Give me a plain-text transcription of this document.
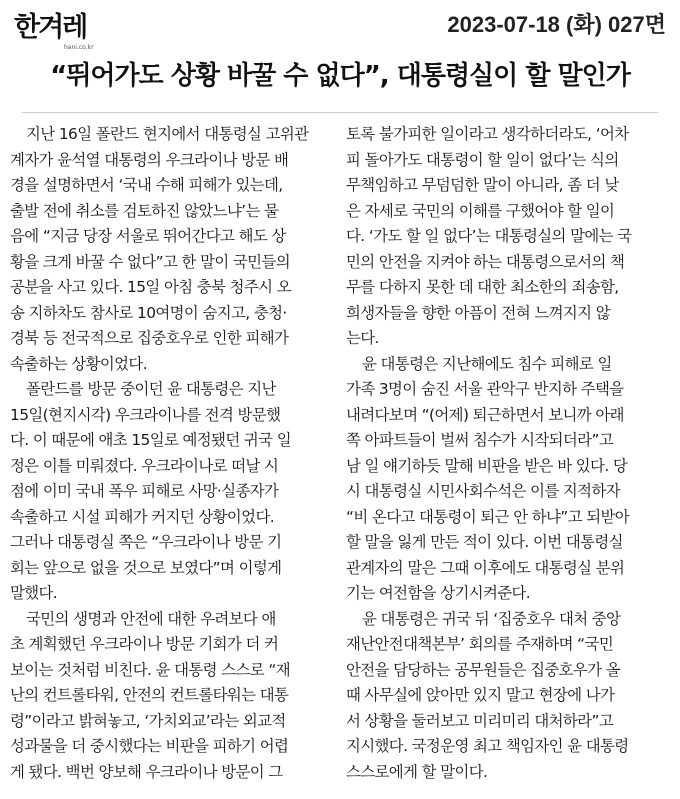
한겨레
hani.co.kr
2023-07-18 (화) 027면
“뛰어가도 상황 바꿀 수 없다”, 대통령실이 할 말인가
지난 16일 폴란드 현지에서 대통령실 고위관
계자가 윤석열 대통령의 우크라이나 방문 배
경을 설명하면서 ‘국내 수해 피해가 있는데,
출발 전에 취소를 검토하진 않았느냐’는 물
음에 “지금 당장 서울로 뛰어간다고 해도 상
황을 크게 바꿀 수 없다”고 한 말이 국민들의
공분을 사고 있다. 15일 아침 충북 청주시 오
송 지하차도 참사로 10여명이 숨지고, 충청·
경북 등 전국적으로 집중호우로 인한 피해가
속출하는 상황이었다.
폴란드를 방문 중이던 윤 대통령은 지난
15일(현지시각) 우크라이나를 전격 방문했
다. 이 때문에 애초 15일로 예정됐던 귀국 일
정은 이틀 미뤄졌다. 우크라이나로 떠날 시
점에 이미 국내 폭우 피해로 사망·실종자가
속출하고 시설 피해가 커지던 상황이었다.
그러나 대통령실 쪽은 “우크라이나 방문 기
회는 앞으로 없을 것으로 보였다”며 이렇게
말했다.
국민의 생명과 안전에 대한 우려보다 애
초 계획했던 우크라이나 방문 기회가 더 커
보이는 것처럼 비친다. 윤 대통령 스스로 “재
난의 컨트롤타워, 안전의 컨트롤타워는 대통
령”이라고 밝혀놓고, ‘가치외교’라는 외교적
성과물을 더 중시했다는 비판을 피하기 어렵
게 됐다. 백번 양보해 우크라이나 방문이 그
토록 불가피한 일이라고 생각하더라도, ‘어차
피 돌아가도 대통령이 할 일이 없다’는 식의
무책임하고 무덤덤한 말이 아니라, 좀 더 낮
은 자세로 국민의 이해를 구했어야 할 일이
다. ‘가도 할 일 없다’는 대통령실의 말에는 국
민의 안전을 지켜야 하는 대통령으로서의 책
무를 다하지 못한 데 대한 최소한의 죄송함,
희생자들을 향한 아픔이 전혀 느껴지지 않
는다.
윤 대통령은 지난해에도 침수 피해로 일
가족 3명이 숨진 서울 관악구 반지하 주택을
내려다보며 “(어제) 퇴근하면서 보니까 아래
쪽 아파트들이 벌써 침수가 시작되더라”고
남 일 얘기하듯 말해 비판을 받은 바 있다. 당
시 대통령실 시민사회수석은 이를 지적하자
“비 온다고 대통령이 퇴근 안 하냐”고 되받아
할 말을 잃게 만든 적이 있다. 이번 대통령실
관계자의 말은 그때 이후에도 대통령실 분위
기는 여전함을 상기시켜준다.
윤 대통령은 귀국 뒤 ‘집중호우 대처 중앙
재난안전대책본부’ 회의를 주재하며 “국민
안전을 담당하는 공무원들은 집중호우가 올
때 사무실에 앉아만 있지 말고 현장에 나가
서 상황을 둘러보고 미리미리 대처하라”고
지시했다. 국정운영 최고 책임자인 윤 대통령
스스로에게 할 말이다.
